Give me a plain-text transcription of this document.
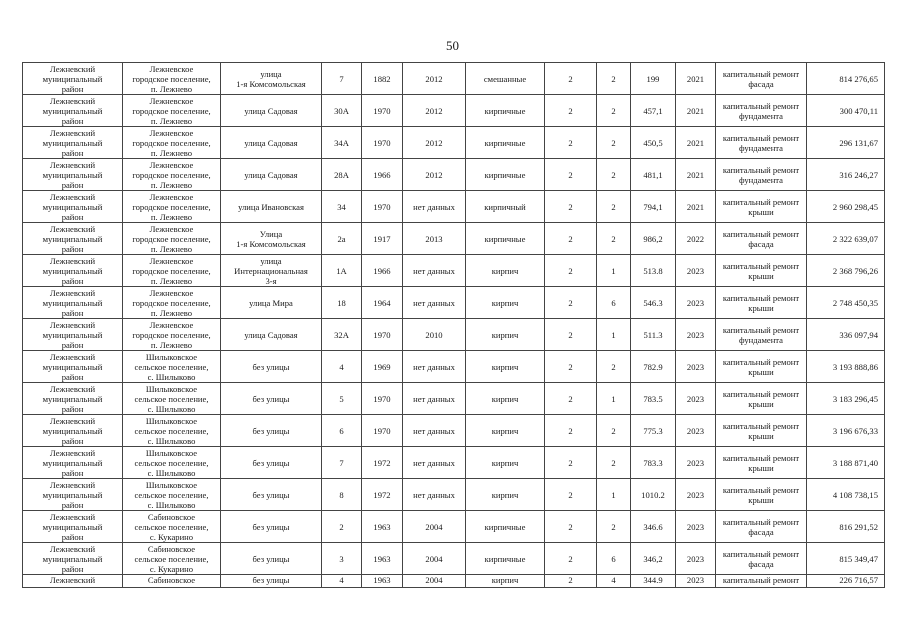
50
Лежневский
муниципальный
район	Лежневское
городское поселение,
п. Лежнево	улица
1-я Комсомольская	7	1882	2012	смешанные	2	2	199	2021	капитальный ремонт
фасада	814 276,65
Лежневский
муниципальный
район	Лежневское
городское поселение,
п. Лежнево	улица Садовая	30А	1970	2012	кирпичные	2	2	457,1	2021	капитальный ремонт
фундамента	300 470,11
Лежневский
муниципальный
район	Лежневское
городское поселение,
п. Лежнево	улица Садовая	34А	1970	2012	кирпичные	2	2	450,5	2021	капитальный ремонт
фундамента	296 131,67
Лежневский
муниципальный
район	Лежневское
городское поселение,
п. Лежнево	улица Садовая	28А	1966	2012	кирпичные	2	2	481,1	2021	капитальный ремонт
фундамента	316 246,27
Лежневский
муниципальный
район	Лежневское
городское поселение,
п. Лежнево	улица Ивановская	34	1970	нет данных	кирпичный	2	2	794,1	2021	капитальный ремонт
крыши	2 960 298,45
Лежневский
муниципальный
район	Лежневское
городское поселение,
п. Лежнево	Улица
1-я Комсомольская	2а	1917	2013	кирпичные	2	2	986,2	2022	капитальный ремонт
фасада	2 322 639,07
Лежневский
муниципальный
район	Лежневское
городское поселение,
п. Лежнево	улица
Интернациональная
3-я	1А	1966	нет данных	кирпич	2	1	513.8	2023	капитальный ремонт
крыши	2 368 796,26
Лежневский
муниципальный
район	Лежневское
городское поселение,
п. Лежнево	улица Мира	18	1964	нет данных	кирпич	2	6	546.3	2023	капитальный ремонт
крыши	2 748 450,35
Лежневский
муниципальный
район	Лежневское
городское поселение,
п. Лежнево	улица Садовая	32А	1970	2010	кирпич	2	1	511.3	2023	капитальный ремонт
фундамента	336 097,94
Лежневский
муниципальный
район	Шилыковское
сельское поселение,
с. Шилыково	без улицы	4	1969	нет данных	кирпич	2	2	782.9	2023	капитальный ремонт
крыши	3 193 888,86
Лежневский
муниципальный
район	Шилыковское
сельское поселение,
с. Шилыково	без улицы	5	1970	нет данных	кирпич	2	1	783.5	2023	капитальный ремонт
крыши	3 183 296,45
Лежневский
муниципальный
район	Шилыковское
сельское поселение,
с. Шилыково	без улицы	6	1970	нет данных	кирпич	2	2	775.3	2023	капитальный ремонт
крыши	3 196 676,33
Лежневский
муниципальный
район	Шилыковское
сельское поселение,
с. Шилыково	без улицы	7	1972	нет данных	кирпич	2	2	783.3	2023	капитальный ремонт
крыши	3 188 871,40
Лежневский
муниципальный
район	Шилыковское
сельское поселение,
с. Шилыково	без улицы	8	1972	нет данных	кирпич	2	1	1010.2	2023	капитальный ремонт
крыши	4 108 738,15
Лежневский
муниципальный
район	Сабиновское
сельское поселение,
с. Кукарино	без улицы	2	1963	2004	кирпичные	2	2	346.6	2023	капитальный ремонт
фасада	816 291,52
Лежневский
муниципальный
район	Сабиновское
сельское поселение,
с. Кукарино	без улицы	3	1963	2004	кирпичные	2	6	346,2	2023	капитальный ремонт
фасада	815 349,47
Лежневский	Сабиновское	без улицы	4	1963	2004	кирпич	2	4	344.9	2023	капитальный ремонт	226 716,57
